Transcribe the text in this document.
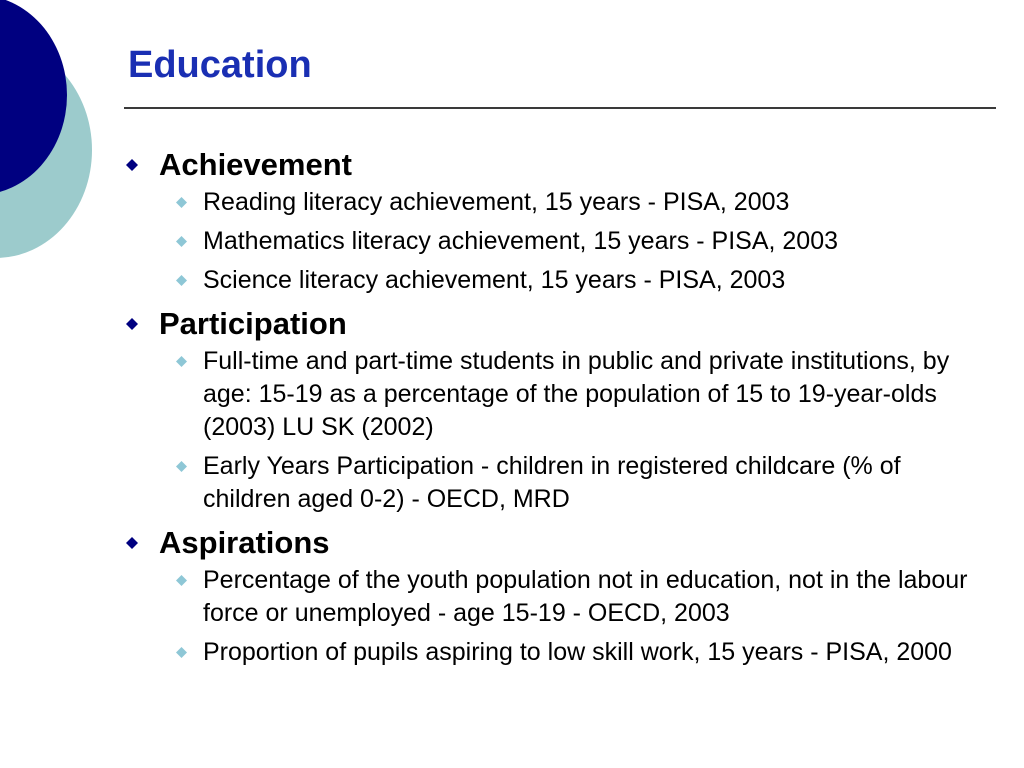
Education
Achievement
Reading literacy achievement, 15 years - PISA, 2003
Mathematics literacy achievement, 15 years - PISA, 2003
Science literacy achievement, 15 years - PISA, 2003
Participation
Full-time and part-time students in public and private institutions, by age: 15-19 as a percentage of the population of 15 to 19-year-olds (2003) LU SK (2002)
Early Years Participation - children in registered childcare (% of children aged 0-2) - OECD, MRD
Aspirations
Percentage of the youth population not in education, not in the labour force or unemployed - age 15-19 - OECD, 2003
Proportion of pupils aspiring to low skill work, 15 years - PISA, 2000
